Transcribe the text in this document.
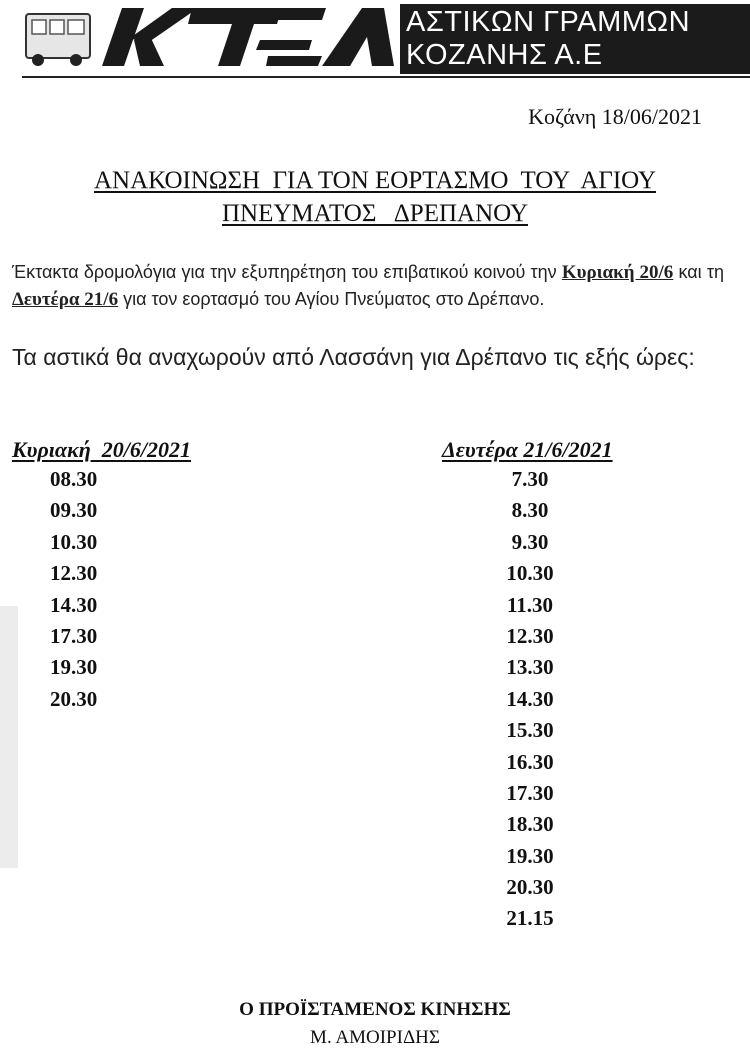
ΑΣΤΙΚΩΝ ΓΡΑΜΜΩΝ
ΚΟΖΑΝΗΣ Α.Ε
Κοζάνη 18/06/2021
ΑΝΑΚΟΙΝΩΣΗ  ΓΙΑ ΤΟΝ ΕΟΡΤΑΣΜΟ  ΤΟΥ  ΑΓΙΟΥ
ΠΝΕΥΜΑΤΟΣ   ΔΡΕΠΑΝΟΥ
Έκτακτα δρομολόγια για την εξυπηρέτηση του επιβατικού κοινού την Κυριακή 20/6 και τη Δευτέρα 21/6 για τον εορτασμό του Αγίου Πνεύματος στο Δρέπανο.
Τα αστικά θα αναχωρούν από Λασσάνη για Δρέπανο τις εξής ώρες:
Κυριακή  20/6/2021	Δευτέρα 21/6/2021
08.30
09.30
10.30
12.30
14.30
17.30
19.30
20.30
7.30
8.30
9.30
10.30
11.30
12.30
13.30
14.30
15.30
16.30
17.30
18.30
19.30
20.30
21.15
Ο ΠΡΟΪΣΤΑΜΕΝΟΣ ΚΙΝΗΣΗΣ
Μ. ΑΜΟΙΡΙΔΗΣ
